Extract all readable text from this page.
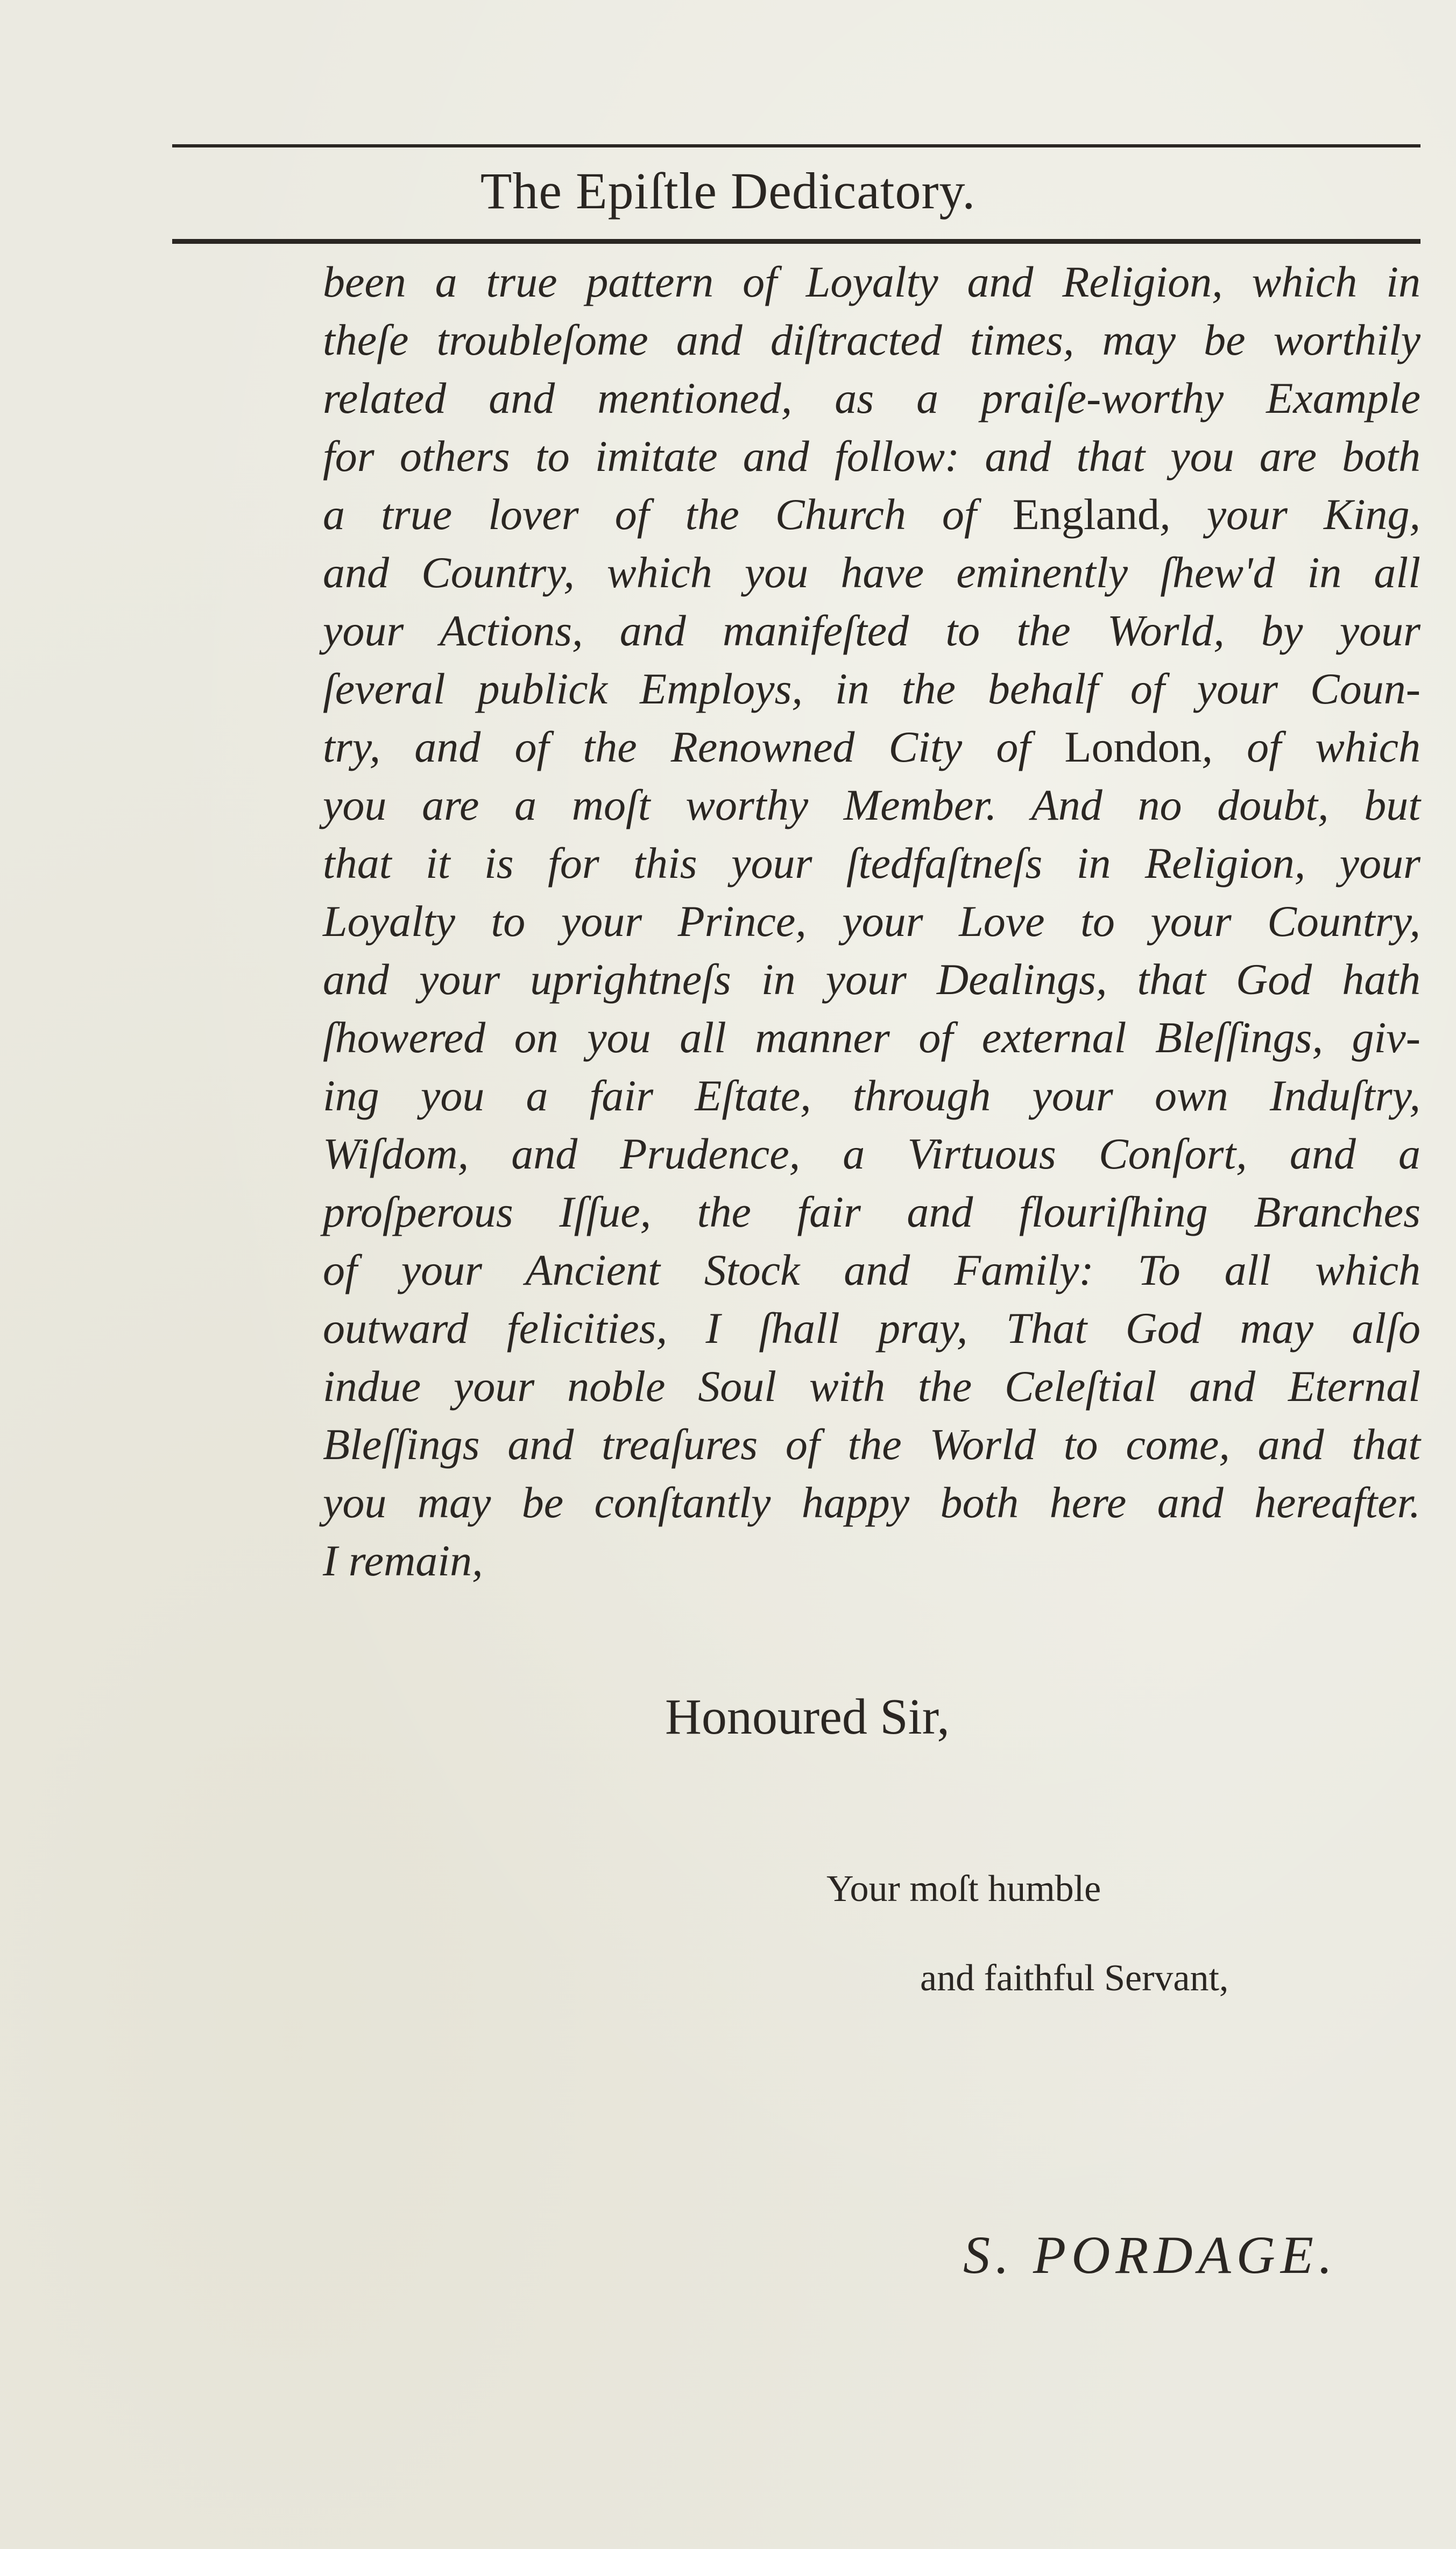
The Epiſtle Dedicatory.
been a true pattern of Loyalty and Religion, which in
theſe troubleſome and diſtracted times, may be worthily
related and mentioned, as a praiſe-worthy Example
for others to imitate and follow: and that you are both
a true lover of the Church of England, your King,
and Country, which you have eminently ſhew'd in all
your Actions, and manifeſted to the World, by your
ſeveral publick Employs, in the behalf of your Coun-
try, and of the Renowned City of London, of which
you are a moſt worthy Member. And no doubt, but
that it is for this your ſtedfaſtneſs in Religion, your
Loyalty to your Prince, your Love to your Country,
and your uprightneſs in your Dealings, that God hath
ſhowered on you all manner of external Bleſſings, giv-
ing you a fair Eſtate, through your own Induſtry,
Wiſdom, and Prudence, a Virtuous Conſort, and a
proſperous Iſſue, the fair and flouriſhing Branches
of your Ancient Stock and Family: To all which
outward felicities, I ſhall pray, That God may alſo
indue your noble Soul with the Celeſtial and Eternal
Bleſſings and treaſures of the World to come, and that
you may be conſtantly happy both here and hereafter.
I remain,
Honoured Sir,
Your moſt humble
and faithful Servant,
S. PORDAGE.
